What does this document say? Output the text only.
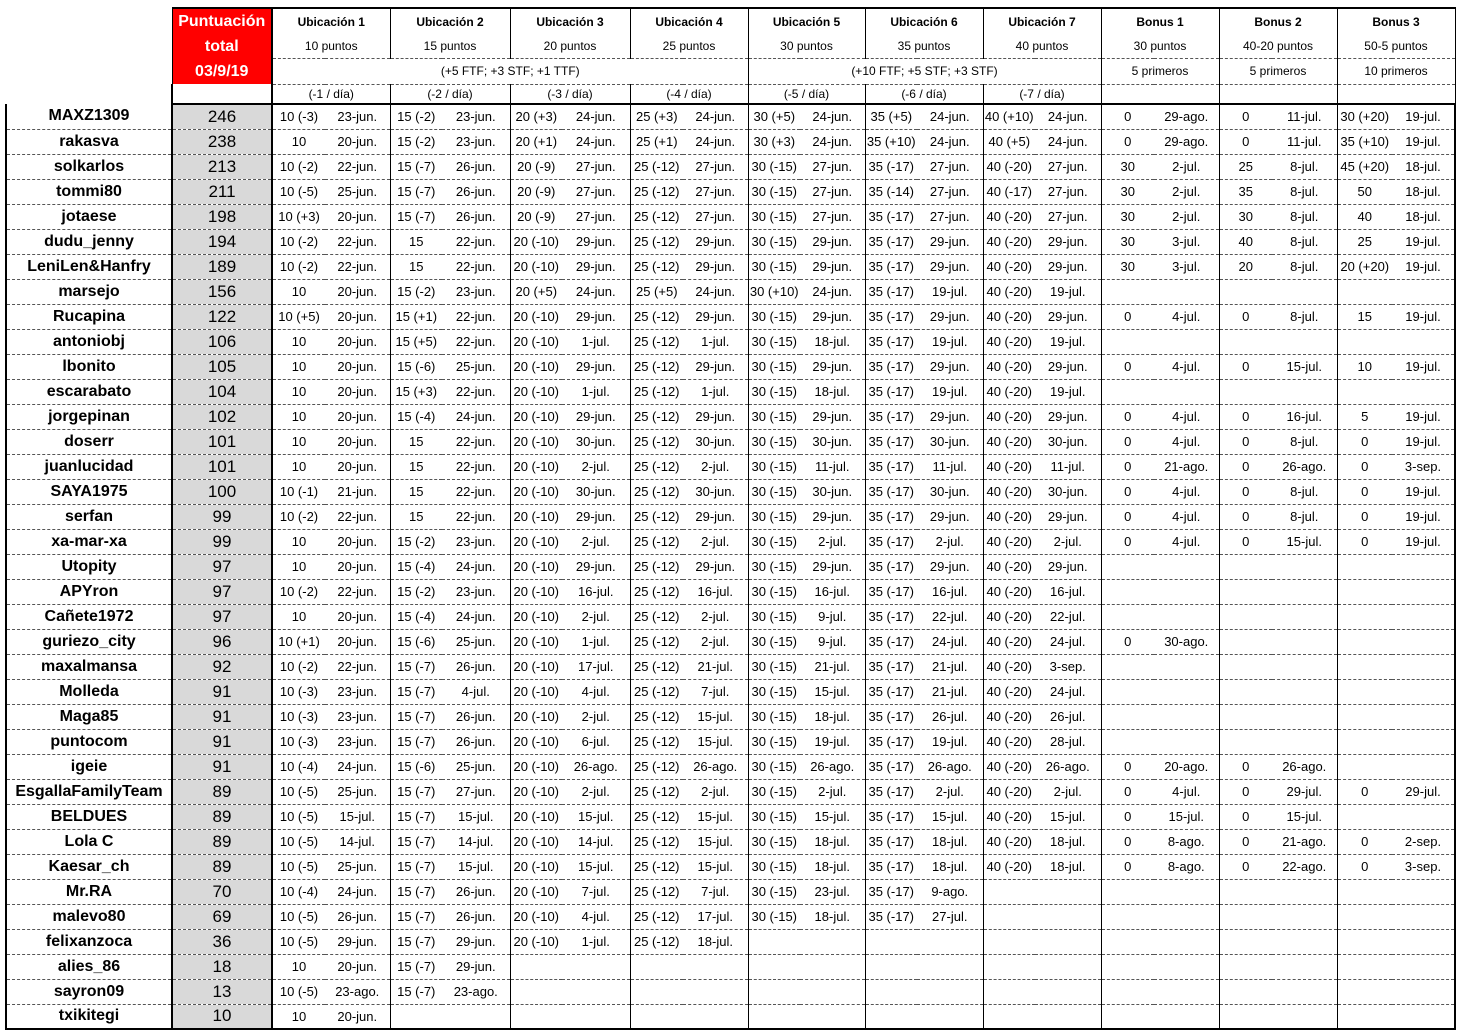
	Puntuación
total
03/9/19	Ubicación 1		Ubicación 2		Ubicación 3		Ubicación 4		Ubicación 5		Ubicación 6		Ubicación 7		Bonus 1		Bonus 2		Bonus 3	
		10 puntos		15 puntos		20 puntos		25 puntos		30 puntos		35 puntos		40 puntos		30 puntos		40-20 puntos		50-5 puntos	
		(+5 FTF; +3 STF; +1 TTF)								(+10 FTF; +5 STF; +3 STF)						5 primeros		5 primeros		10 primeros	
		(-1 / día)		(-2 / día)		(-3 / día)		(-4 / día)		(-5 / día)		(-6 / día)		(-7 / día)							
MAXZ1309	246	10 (-3)	23-jun.	15 (-2)	23-jun.	20 (+3)	24-jun.	25 (+3)	24-jun.	30 (+5)	24-jun.	35 (+5)	24-jun.	40 (+10)	24-jun.	0	29-ago.	0	11-jul.	30 (+20)	19-jul.
rakasva	238	10	20-jun.	15 (-2)	23-jun.	20 (+1)	24-jun.	25 (+1)	24-jun.	30 (+3)	24-jun.	35 (+10)	24-jun.	40 (+5)	24-jun.	0	29-ago.	0	11-jul.	35 (+10)	19-jul.
solkarlos	213	10 (-2)	22-jun.	15 (-7)	26-jun.	20 (-9)	27-jun.	25 (-12)	27-jun.	30 (-15)	27-jun.	35 (-17)	27-jun.	40 (-20)	27-jun.	30	2-jul.	25	8-jul.	45 (+20)	18-jul.
tommi80	211	10 (-5)	25-jun.	15 (-7)	26-jun.	20 (-9)	27-jun.	25 (-12)	27-jun.	30 (-15)	27-jun.	35 (-14)	27-jun.	40 (-17)	27-jun.	30	2-jul.	35	8-jul.	50	18-jul.
jotaese	198	10 (+3)	20-jun.	15 (-7)	26-jun.	20 (-9)	27-jun.	25 (-12)	27-jun.	30 (-15)	27-jun.	35 (-17)	27-jun.	40 (-20)	27-jun.	30	2-jul.	30	8-jul.	40	18-jul.
dudu_jenny	194	10 (-2)	22-jun.	15	22-jun.	20 (-10)	29-jun.	25 (-12)	29-jun.	30 (-15)	29-jun.	35 (-17)	29-jun.	40 (-20)	29-jun.	30	3-jul.	40	8-jul.	25	19-jul.
LeniLen&Hanfry	189	10 (-2)	22-jun.	15	22-jun.	20 (-10)	29-jun.	25 (-12)	29-jun.	30 (-15)	29-jun.	35 (-17)	29-jun.	40 (-20)	29-jun.	30	3-jul.	20	8-jul.	20 (+20)	19-jul.
marsejo	156	10	20-jun.	15 (-2)	23-jun.	20 (+5)	24-jun.	25 (+5)	24-jun.	30 (+10)	24-jun.	35 (-17)	19-jul.	40 (-20)	19-jul.						
Rucapina	122	10 (+5)	20-jun.	15 (+1)	22-jun.	20 (-10)	29-jun.	25 (-12)	29-jun.	30 (-15)	29-jun.	35 (-17)	29-jun.	40 (-20)	29-jun.	0	4-jul.	0	8-jul.	15	19-jul.
antoniobj	106	10	20-jun.	15 (+5)	22-jun.	20 (-10)	1-jul.	25 (-12)	1-jul.	30 (-15)	18-jul.	35 (-17)	19-jul.	40 (-20)	19-jul.						
lbonito	105	10	20-jun.	15 (-6)	25-jun.	20 (-10)	29-jun.	25 (-12)	29-jun.	30 (-15)	29-jun.	35 (-17)	29-jun.	40 (-20)	29-jun.	0	4-jul.	0	15-jul.	10	19-jul.
escarabato	104	10	20-jun.	15 (+3)	22-jun.	20 (-10)	1-jul.	25 (-12)	1-jul.	30 (-15)	18-jul.	35 (-17)	19-jul.	40 (-20)	19-jul.						
jorgepinan	102	10	20-jun.	15 (-4)	24-jun.	20 (-10)	29-jun.	25 (-12)	29-jun.	30 (-15)	29-jun.	35 (-17)	29-jun.	40 (-20)	29-jun.	0	4-jul.	0	16-jul.	5	19-jul.
doserr	101	10	20-jun.	15	22-jun.	20 (-10)	30-jun.	25 (-12)	30-jun.	30 (-15)	30-jun.	35 (-17)	30-jun.	40 (-20)	30-jun.	0	4-jul.	0	8-jul.	0	19-jul.
juanlucidad	101	10	20-jun.	15	22-jun.	20 (-10)	2-jul.	25 (-12)	2-jul.	30 (-15)	11-jul.	35 (-17)	11-jul.	40 (-20)	11-jul.	0	21-ago.	0	26-ago.	0	3-sep.
SAYA1975	100	10 (-1)	21-jun.	15	22-jun.	20 (-10)	30-jun.	25 (-12)	30-jun.	30 (-15)	30-jun.	35 (-17)	30-jun.	40 (-20)	30-jun.	0	4-jul.	0	8-jul.	0	19-jul.
serfan	99	10 (-2)	22-jun.	15	22-jun.	20 (-10)	29-jun.	25 (-12)	29-jun.	30 (-15)	29-jun.	35 (-17)	29-jun.	40 (-20)	29-jun.	0	4-jul.	0	8-jul.	0	19-jul.
xa-mar-xa	99	10	20-jun.	15 (-2)	23-jun.	20 (-10)	2-jul.	25 (-12)	2-jul.	30 (-15)	2-jul.	35 (-17)	2-jul.	40 (-20)	2-jul.	0	4-jul.	0	15-jul.	0	19-jul.
Utopity	97	10	20-jun.	15 (-4)	24-jun.	20 (-10)	29-jun.	25 (-12)	29-jun.	30 (-15)	29-jun.	35 (-17)	29-jun.	40 (-20)	29-jun.						
APYron	97	10 (-2)	22-jun.	15 (-2)	23-jun.	20 (-10)	16-jul.	25 (-12)	16-jul.	30 (-15)	16-jul.	35 (-17)	16-jul.	40 (-20)	16-jul.						
Cañete1972	97	10	20-jun.	15 (-4)	24-jun.	20 (-10)	2-jul.	25 (-12)	2-jul.	30 (-15)	9-jul.	35 (-17)	22-jul.	40 (-20)	22-jul.						
guriezo_city	96	10 (+1)	20-jun.	15 (-6)	25-jun.	20 (-10)	1-jul.	25 (-12)	2-jul.	30 (-15)	9-jul.	35 (-17)	24-jul.	40 (-20)	24-jul.	0	30-ago.				
maxalmansa	92	10 (-2)	22-jun.	15 (-7)	26-jun.	20 (-10)	17-jul.	25 (-12)	21-jul.	30 (-15)	21-jul.	35 (-17)	21-jul.	40 (-20)	3-sep.						
Molleda	91	10 (-3)	23-jun.	15 (-7)	4-jul.	20 (-10)	4-jul.	25 (-12)	7-jul.	30 (-15)	15-jul.	35 (-17)	21-jul.	40 (-20)	24-jul.						
Maga85	91	10 (-3)	23-jun.	15 (-7)	26-jun.	20 (-10)	2-jul.	25 (-12)	15-jul.	30 (-15)	18-jul.	35 (-17)	26-jul.	40 (-20)	26-jul.						
puntocom	91	10 (-3)	23-jun.	15 (-7)	26-jun.	20 (-10)	6-jul.	25 (-12)	15-jul.	30 (-15)	19-jul.	35 (-17)	19-jul.	40 (-20)	28-jul.						
igeie	91	10 (-4)	24-jun.	15 (-6)	25-jun.	20 (-10)	26-ago.	25 (-12)	26-ago.	30 (-15)	26-ago.	35 (-17)	26-ago.	40 (-20)	26-ago.	0	20-ago.	0	26-ago.		
EsgallaFamilyTeam	89	10 (-5)	25-jun.	15 (-7)	27-jun.	20 (-10)	2-jul.	25 (-12)	2-jul.	30 (-15)	2-jul.	35 (-17)	2-jul.	40 (-20)	2-jul.	0	4-jul.	0	29-jul.	0	29-jul.
BELDUES	89	10 (-5)	15-jul.	15 (-7)	15-jul.	20 (-10)	15-jul.	25 (-12)	15-jul.	30 (-15)	15-jul.	35 (-17)	15-jul.	40 (-20)	15-jul.	0	15-jul.	0	15-jul.		
Lola C	89	10 (-5)	14-jul.	15 (-7)	14-jul.	20 (-10)	14-jul.	25 (-12)	15-jul.	30 (-15)	18-jul.	35 (-17)	18-jul.	40 (-20)	18-jul.	0	8-ago.	0	21-ago.	0	2-sep.
Kaesar_ch	89	10 (-5)	25-jun.	15 (-7)	15-jul.	20 (-10)	15-jul.	25 (-12)	15-jul.	30 (-15)	18-jul.	35 (-17)	18-jul.	40 (-20)	18-jul.	0	8-ago.	0	22-ago.	0	3-sep.
Mr.RA	70	10 (-4)	24-jun.	15 (-7)	26-jun.	20 (-10)	7-jul.	25 (-12)	7-jul.	30 (-15)	23-jul.	35 (-17)	9-ago.								
malevo80	69	10 (-5)	26-jun.	15 (-7)	26-jun.	20 (-10)	4-jul.	25 (-12)	17-jul.	30 (-15)	18-jul.	35 (-17)	27-jul.								
felixanzoca	36	10 (-5)	29-jun.	15 (-7)	29-jun.	20 (-10)	1-jul.	25 (-12)	18-jul.												
alies_86	18	10	20-jun.	15 (-7)	29-jun.																
sayron09	13	10 (-5)	23-ago.	15 (-7)	23-ago.																
txikitegi	10	10	20-jun.																		
